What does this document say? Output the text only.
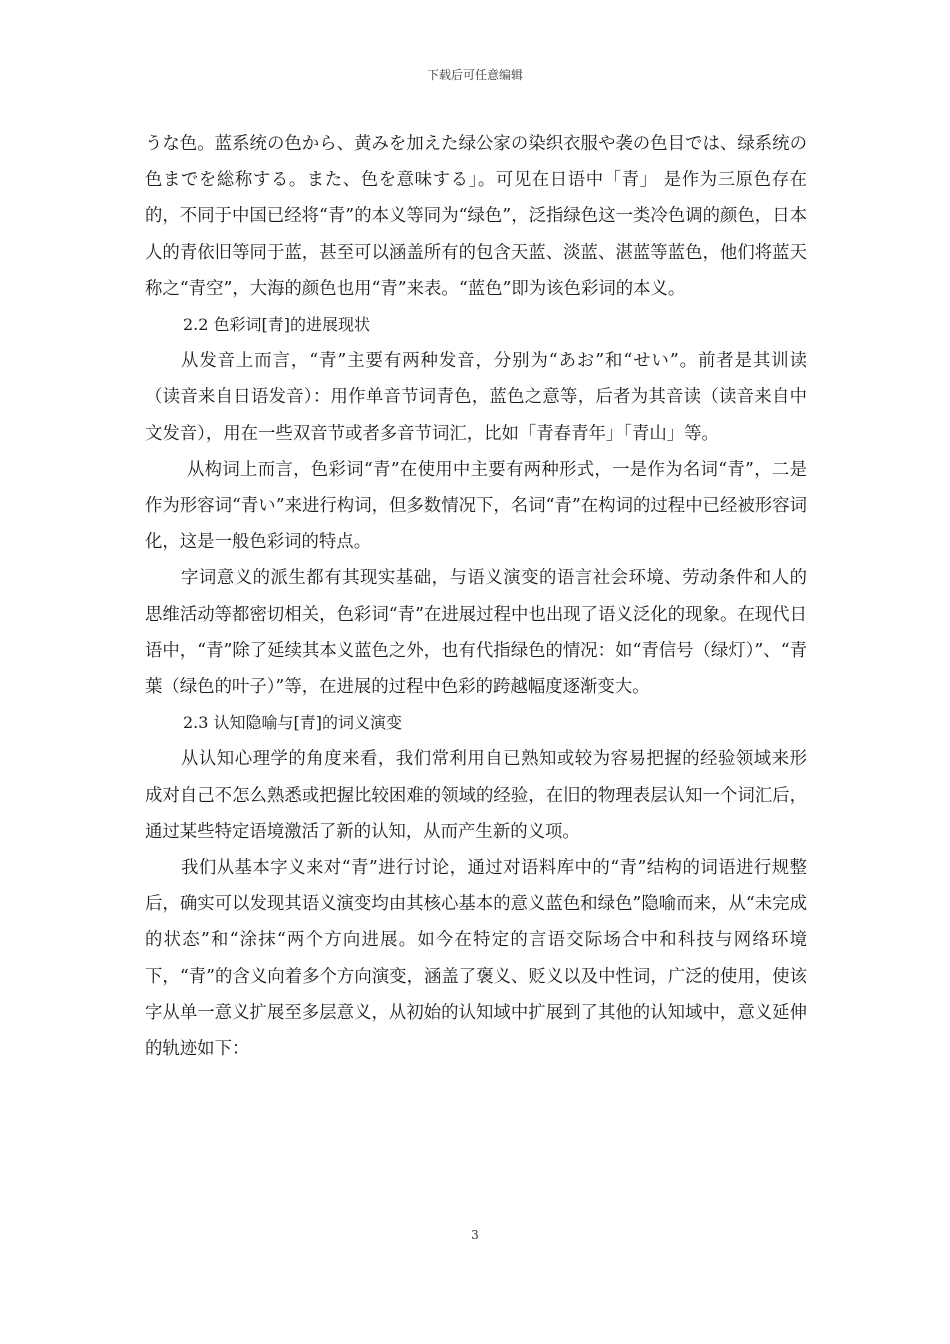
下载后可任意编辑

うな色。蓝系统の色から、黄みを加えた绿公家の染织衣服や袭の色目では、绿系统の色までを総称する。また、色を意味する」。可见在日语中「青」 是作为三原色存在的，不同于中国已经将“青”的本义等同为“绿色”，泛指绿色这一类冷色调的颜色，日本人的青依旧等同于蓝，甚至可以涵盖所有的包含天蓝、淡蓝、湛蓝等蓝色，他们将蓝天称之“青空”，大海的颜色也用“青”来表。“蓝色”即为该色彩词的本义。

2.2 色彩词[青]的进展现状

从发音上而言，“青”主要有两种发音，分别为“あお”和“せい”。前者是其训读（读音来自日语发音）：用作单音节词青色，蓝色之意等，后者为其音读（读音来自中文发音），用在一些双音节或者多音节词汇，比如「青春青年」「青山」等。

从构词上而言，色彩词“青”在使用中主要有两种形式，一是作为名词“青”，二是作为形容词“青い”来进行构词，但多数情况下，名词“青”在构词的过程中已经被形容词化，这是一般色彩词的特点。

字词意义的派生都有其现实基础，与语义演变的语言社会环境、劳动条件和人的思维活动等都密切相关，色彩词“青”在进展过程中也出现了语义泛化的现象。在现代日语中，“青”除了延续其本义蓝色之外，也有代指绿色的情况：如“青信号（绿灯）”、“青葉（绿色的叶子）”等，在进展的过程中色彩的跨越幅度逐渐变大。

2.3 认知隐喻与[青]的词义演变

从认知心理学的角度来看，我们常利用自已熟知或较为容易把握的经验领域来形成对自己不怎么熟悉或把握比较困难的领域的经验，在旧的物理表层认知一个词汇后，通过某些特定语境激活了新的认知，从而产生新的义项。

我们从基本字义来对“青”进行讨论，通过对语料库中的“青”结构的词语进行规整后，确实可以发现其语义演变均由其核心基本的意义蓝色和绿色”隐喻而来，从“未完成的状态”和“涂抹“两个方向进展。如今在特定的言语交际场合中和科技与网络环境下，“青”的含义向着多个方向演变，涵盖了褒义、贬义以及中性词，广泛的使用，使该字从单一意义扩展至多层意义，从初始的认知域中扩展到了其他的认知域中，意义延伸的轨迹如下：

3
